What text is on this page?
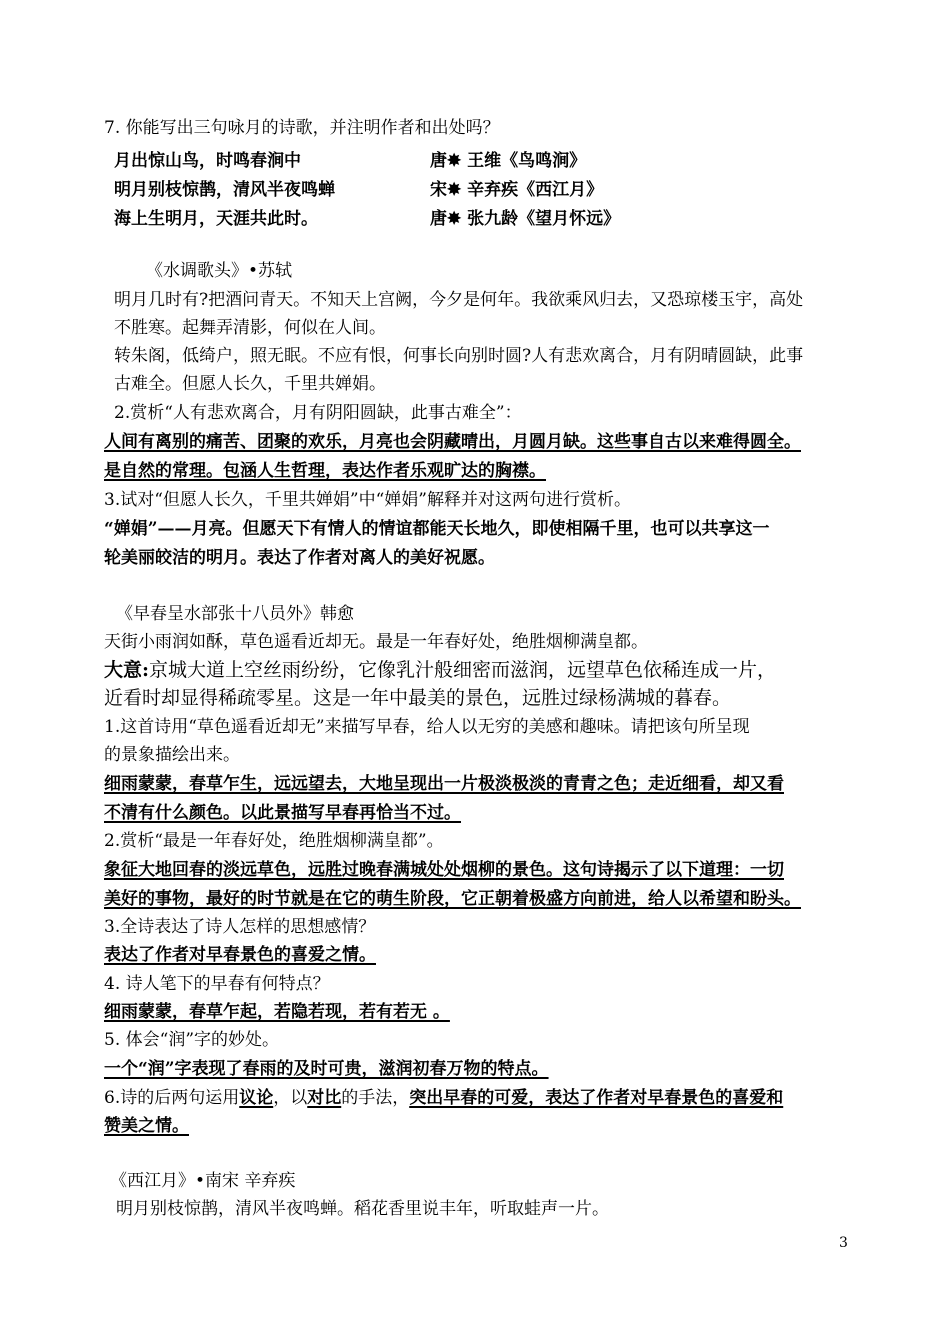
7. 你能写出三句咏月的诗歌，并注明作者和出处吗？
月出惊山鸟，时鸣春涧中	唐✸ 王维《鸟鸣涧》
明月别枝惊鹊，清风半夜鸣蝉	宋✸ 辛弃疾《西江月》
海上生明月，天涯共此时。	唐✸ 张九龄《望月怀远》
《水调歌头》•苏轼
明月几时有?把酒问青天。不知天上宫阙，今夕是何年。我欲乘风归去，又恐琼楼玉宇，高处
不胜寒。起舞弄清影，何似在人间。
转朱阁，低绮户，照无眠。不应有恨，何事长向别时圆?人有悲欢离合，月有阴晴圆缺，此事
古难全。但愿人长久，千里共婵娟。
2.赏析“人有悲欢离合，月有阴阳圆缺，此事古难全”：
人间有离别的痛苦、团聚的欢乐，月亮也会阴藏晴出，月圆月缺。这些事自古以来难得圆全。
是自然的常理。包涵人生哲理，表达作者乐观旷达的胸襟。
3.试对“但愿人长久，千里共婵娟”中“婵娟”解释并对这两句进行赏析。
“婵娟”——月亮。但愿天下有情人的情谊都能天长地久，即使相隔千里，也可以共享这一
轮美丽皎洁的明月。表达了作者对离人的美好祝愿。
《早春呈水部张十八员外》韩愈
天街小雨润如酥，草色遥看近却无。最是一年春好处，绝胜烟柳满皇都。
大意:京城大道上空丝雨纷纷，它像乳汁般细密而滋润，远望草色依稀连成一片，
近看时却显得稀疏零星。这是一年中最美的景色，远胜过绿杨满城的暮春。
1.这首诗用“草色遥看近却无”来描写早春，给人以无穷的美感和趣味。请把该句所呈现
的景象描绘出来。
细雨蒙蒙，春草乍生，远远望去，大地呈现出一片极淡极淡的青青之色；走近细看，却又看
不清有什么颜色。以此景描写早春再恰当不过。
2.赏析“最是一年春好处，绝胜烟柳满皇都”。
象征大地回春的淡远草色，远胜过晚春满城处处烟柳的景色。这句诗揭示了以下道理：一切
美好的事物，最好的时节就是在它的萌生阶段，它正朝着极盛方向前进，给人以希望和盼头。
3.全诗表达了诗人怎样的思想感情？
表达了作者对早春景色的喜爱之情。
4. 诗人笔下的早春有何特点？
细雨蒙蒙，春草乍起，若隐若现，若有若无 。
5. 体会“润”字的妙处。
一个“润”字表现了春雨的及时可贵，滋润初春万物的特点。
6.诗的后两句运用议论，以对比的手法，突出早春的可爱，表达了作者对早春景色的喜爱和
赞美之情。
《西江月》•南宋 辛弃疾
明月别枝惊鹊，清风半夜鸣蝉。稻花香里说丰年，听取蛙声一片。
3
